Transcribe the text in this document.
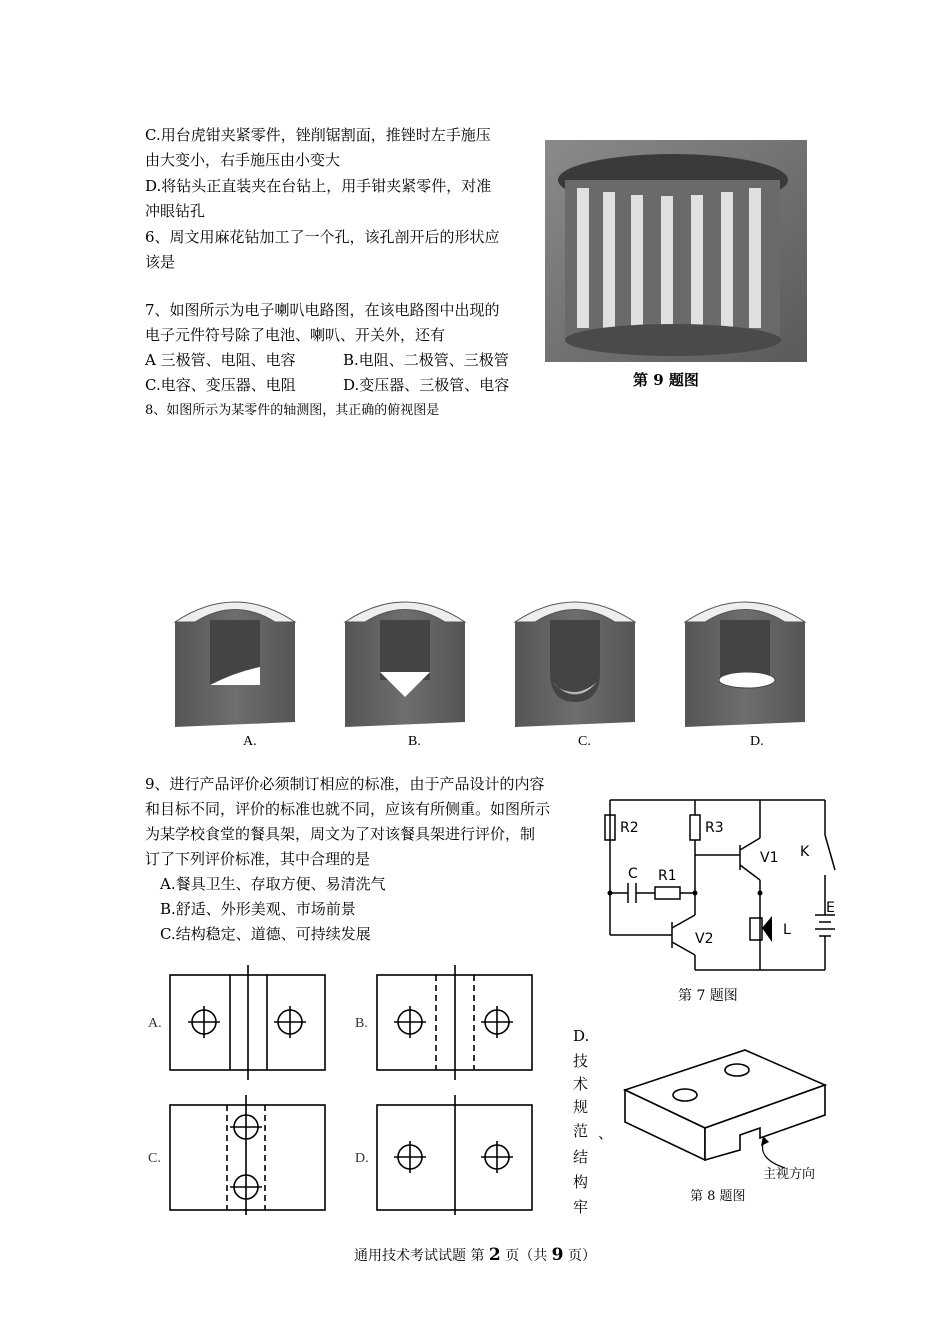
C.用台虎钳夹紧零件，锉削锯割面，推锉时左手施压
由大变小，右手施压由小变大
D.将钻头正直装夹在台钻上，用手钳夹紧零件，对准
冲眼钻孔
6、周文用麻花钻加工了一个孔，该孔剖开后的形状应
该是
7、如图所示为电子喇叭电路图，在该电路图中出现的
电子元件符号除了电池、喇叭、开关外，还有
A 三极管、电阻、电容	B.电阻、二极管、三极管
C.电容、变压器、电阻	D.变压器、三极管、电容
8、如图所示为某零件的轴测图，其正确的俯视图是
第 9 题图
A.	B.	C.	D.
9、进行产品评价必须制订相应的标准，由于产品设计的内容
和目标不同，评价的标准也就不同，应该有所侧重。如图所示
为某学校食堂的餐具架，周文为了对该餐具架进行评价，制
订了下列评价标准，其中合理的是
A.餐具卫生、存取方便、易清洗气
B.舒适、外形美观、市场前景
C.结构稳定、道德、可持续发展
R2	R3
C R1
V1
V2
K
E
L
第 7 题图
A.	B.
C.	D.
D.
技
术
规
范
结
构
牢
、
主视方向
第 8 题图
通用技术考试试题 第 2 页（共 9 页）
